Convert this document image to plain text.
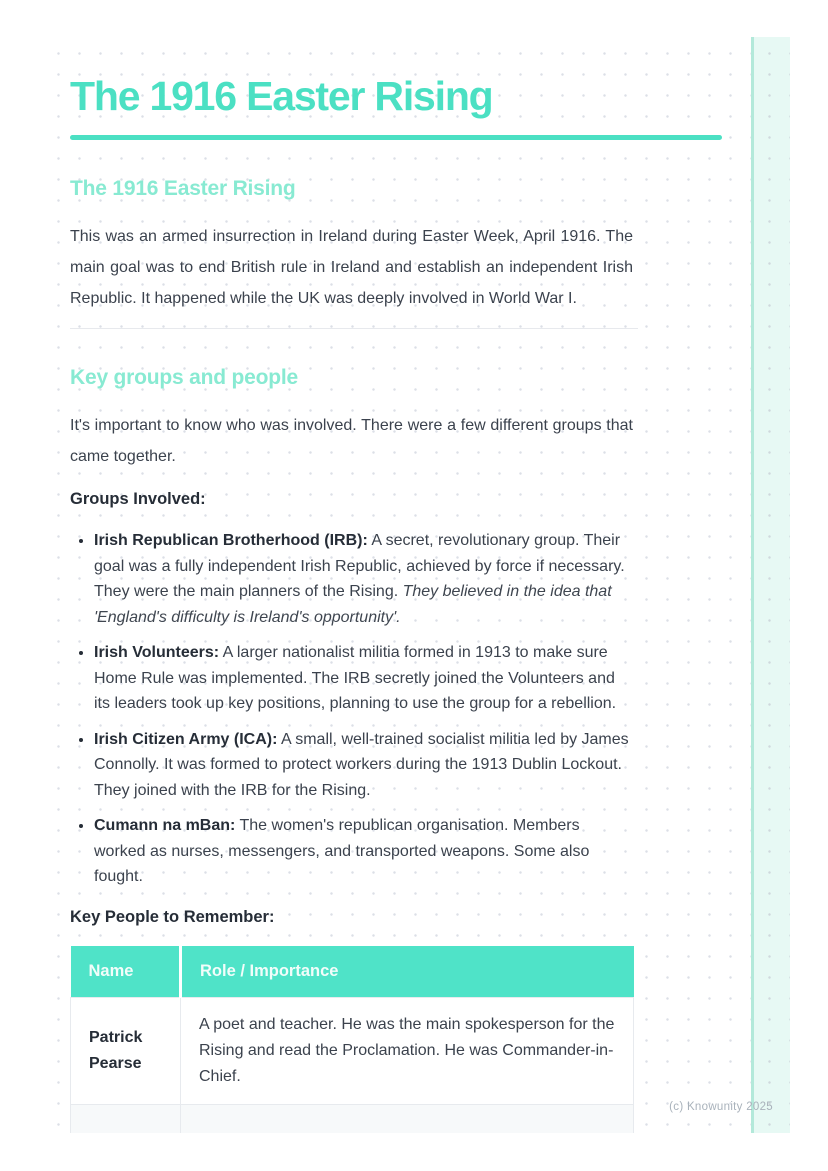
The 1916 Easter Rising
The 1916 Easter Rising

This was an armed insurrection in Ireland during Easter Week, April 1916. The main goal was to end British rule in Ireland and establish an independent Irish Republic. It happened while the UK was deeply involved in World War I.

Key groups and people

It's important to know who was involved. There were a few different groups that came together.

Groups Involved:
• Irish Republican Brotherhood (IRB): A secret, revolutionary group. Their goal was a fully independent Irish Republic, achieved by force if necessary. They were the main planners of the Rising. They believed in the idea that 'England's difficulty is Ireland's opportunity'.
• Irish Volunteers: A larger nationalist militia formed in 1913 to make sure Home Rule was implemented. The IRB secretly joined the Volunteers and its leaders took up key positions, planning to use the group for a rebellion.
• Irish Citizen Army (ICA): A small, well-trained socialist militia led by James Connolly. It was formed to protect workers during the 1913 Dublin Lockout. They joined with the IRB for the Rising.
• Cumann na mBan: The women's republican organisation. Members worked as nurses, messengers, and transported weapons. Some also fought.
Key People to Remember:
Name	Role / Importance
Patrick Pearse	A poet and teacher. He was the main spokesperson for the Rising and read the Proclamation. He was Commander-in-Chief.

(c) Knowunity 2025
